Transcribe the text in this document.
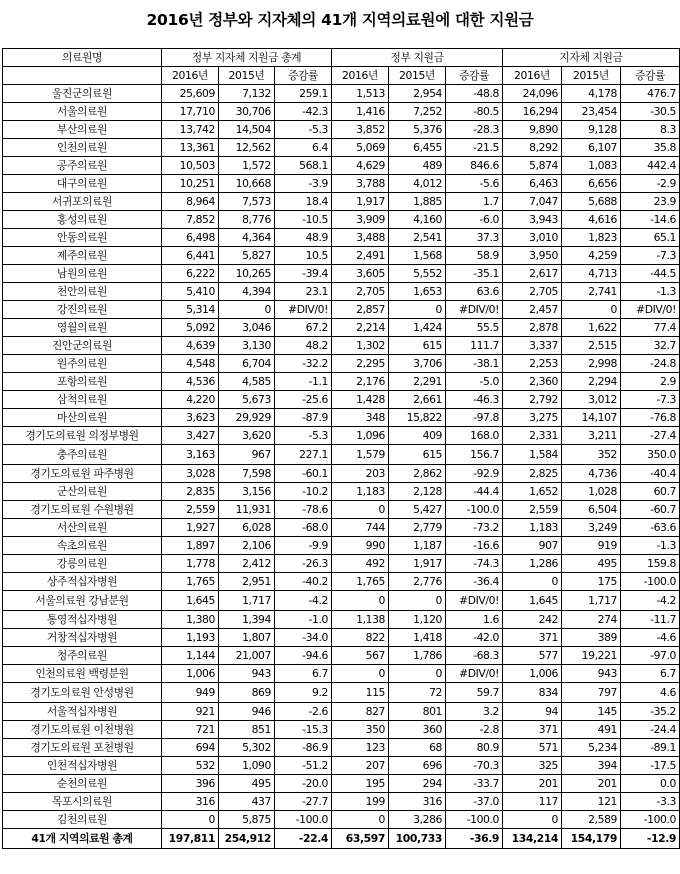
2016년 정부와 지자체의 41개 지역의료원에 대한 지원금
의료원명	정부 지자체 지원금 총계			정부 지원금			지자체 지원금		
	2016년	2015년	증감률	2016년	2015년	증감률	2016년	2015년	증감률
울진군의료원	25,609	7,132	259.1	1,513	2,954	-48.8	24,096	4,178	476.7
서울의료원	17,710	30,706	-42.3	1,416	7,252	-80.5	16,294	23,454	-30.5
부산의료원	13,742	14,504	-5.3	3,852	5,376	-28.3	9,890	9,128	8.3
인천의료원	13,361	12,562	6.4	5,069	6,455	-21.5	8,292	6,107	35.8
공주의료원	10,503	1,572	568.1	4,629	489	846.6	5,874	1,083	442.4
대구의료원	10,251	10,668	-3.9	3,788	4,012	-5.6	6,463	6,656	-2.9
서귀포의료원	8,964	7,573	18.4	1,917	1,885	1.7	7,047	5,688	23.9
홍성의료원	7,852	8,776	-10.5	3,909	4,160	-6.0	3,943	4,616	-14.6
안동의료원	6,498	4,364	48.9	3,488	2,541	37.3	3,010	1,823	65.1
제주의료원	6,441	5,827	10.5	2,491	1,568	58.9	3,950	4,259	-7.3
남원의료원	6,222	10,265	-39.4	3,605	5,552	-35.1	2,617	4,713	-44.5
천안의료원	5,410	4,394	23.1	2,705	1,653	63.6	2,705	2,741	-1.3
강진의료원	5,314	0	#DIV/0!	2,857	0	#DIV/0!	2,457	0	#DIV/0!
영월의료원	5,092	3,046	67.2	2,214	1,424	55.5	2,878	1,622	77.4
진안군의료원	4,639	3,130	48.2	1,302	615	111.7	3,337	2,515	32.7
원주의료원	4,548	6,704	-32.2	2,295	3,706	-38.1	2,253	2,998	-24.8
포항의료원	4,536	4,585	-1.1	2,176	2,291	-5.0	2,360	2,294	2.9
삼척의료원	4,220	5,673	-25.6	1,428	2,661	-46.3	2,792	3,012	-7.3
마산의료원	3,623	29,929	-87.9	348	15,822	-97.8	3,275	14,107	-76.8
경기도의료원 의정부병원	3,427	3,620	-5.3	1,096	409	168.0	2,331	3,211	-27.4
충주의료원	3,163	967	227.1	1,579	615	156.7	1,584	352	350.0
경기도의료원 파주병원	3,028	7,598	-60.1	203	2,862	-92.9	2,825	4,736	-40.4
군산의료원	2,835	3,156	-10.2	1,183	2,128	-44.4	1,652	1,028	60.7
경기도의료원 수원병원	2,559	11,931	-78.6	0	5,427	-100.0	2,559	6,504	-60.7
서산의료원	1,927	6,028	-68.0	744	2,779	-73.2	1,183	3,249	-63.6
속초의료원	1,897	2,106	-9.9	990	1,187	-16.6	907	919	-1.3
강릉의료원	1,778	2,412	-26.3	492	1,917	-74.3	1,286	495	159.8
상주적십자병원	1,765	2,951	-40.2	1,765	2,776	-36.4	0	175	-100.0
서울의료원 강남분원	1,645	1,717	-4.2	0	0	#DIV/0!	1,645	1,717	-4.2
통영적십자병원	1,380	1,394	-1.0	1,138	1,120	1.6	242	274	-11.7
거창적십자병원	1,193	1,807	-34.0	822	1,418	-42.0	371	389	-4.6
청주의료원	1,144	21,007	-94.6	567	1,786	-68.3	577	19,221	-97.0
인천의료원 백령분원	1,006	943	6.7	0	0	#DIV/0!	1,006	943	6.7
경기도의료원 안성병원	949	869	9.2	115	72	59.7	834	797	4.6
서울적십자병원	921	946	-2.6	827	801	3.2	94	145	-35.2
경기도의료원 이천병원	721	851	-15.3	350	360	-2.8	371	491	-24.4
경기도의료원 포천병원	694	5,302	-86.9	123	68	80.9	571	5,234	-89.1
인천적십자병원	532	1,090	-51.2	207	696	-70.3	325	394	-17.5
순천의료원	396	495	-20.0	195	294	-33.7	201	201	0.0
목포시의료원	316	437	-27.7	199	316	-37.0	117	121	-3.3
김천의료원	0	5,875	-100.0	0	3,286	-100.0	0	2,589	-100.0
41개 지역의료원 총계	197,811	254,912	-22.4	63,597	100,733	-36.9	134,214	154,179	-12.9
